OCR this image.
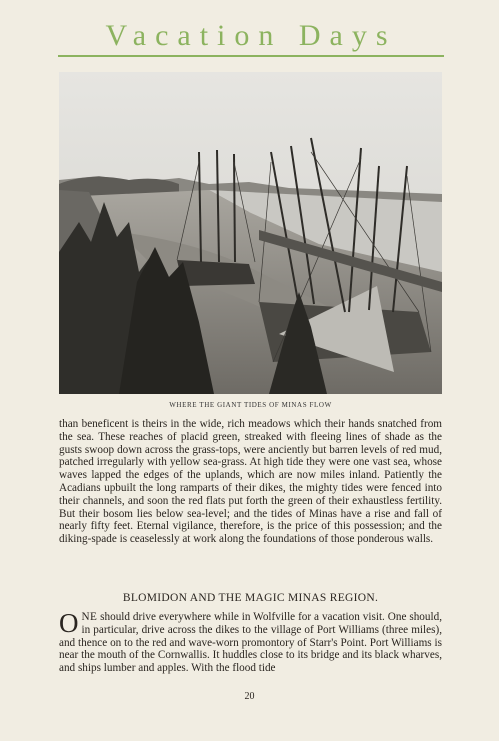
Vacation Days
WHERE THE GIANT TIDES OF MINAS FLOW
than beneficent is theirs in the wide, rich meadows which their hands snatched from the sea. These reaches of placid green, streaked with fleeing lines of shade as the gusts swoop down across the grass-tops, were anciently but barren levels of red mud, patched irregularly with yellow sea-grass. At high tide they were one vast sea, whose waves lapped the edges of the uplands, which are now miles inland. Patiently the Acadians upbuilt the long ramparts of their dikes, the mighty tides were fenced into their channels, and soon the red flats put forth the green of their exhaustless fertility. But their bosom lies below sea-level; and the tides of Minas have a rise and fall of nearly fifty feet. Eternal vigilance, therefore, is the price of this possession; and the diking-spade is ceaselessly at work along the foundations of those ponderous walls.
BLOMIDON AND THE MAGIC MINAS REGION.
ONE should drive everywhere while in Wolfville for a vacation visit. One should, in particular, drive across the dikes to the village of Port Williams (three miles), and thence on to the red and wave-worn promontory of Starr's Point. Port Williams is near the mouth of the Cornwallis. It huddles close to its bridge and its black wharves, and ships lumber and apples. With the flood tide
20
